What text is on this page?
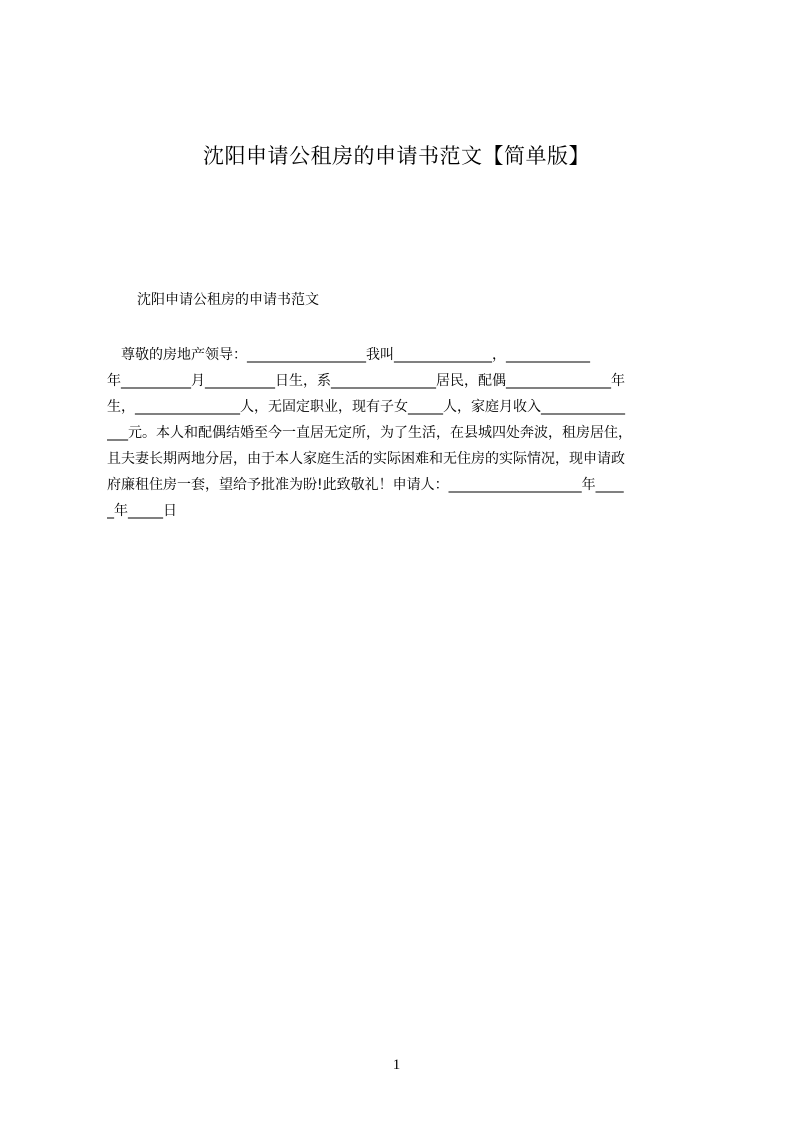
沈阳申请公租房的申请书范文【简单版】
沈阳申请公租房的申请书范文
　尊敬的房地产领导：_________________我叫______________，____________
年__________月__________日生，系_______________居民，配偶_______________年
生，_______________人，无固定职业，现有子女_____人，家庭月收入____________
___元。本人和配偶结婚至今一直居无定所，为了生活，在县城四处奔波，租房居住，
且夫妻长期两地分居，由于本人家庭生活的实际困难和无住房的实际情况，现申请政
府廉租住房一套，望给予批准为盼!此致敬礼！申请人：___________________年____
_年_____日
1
